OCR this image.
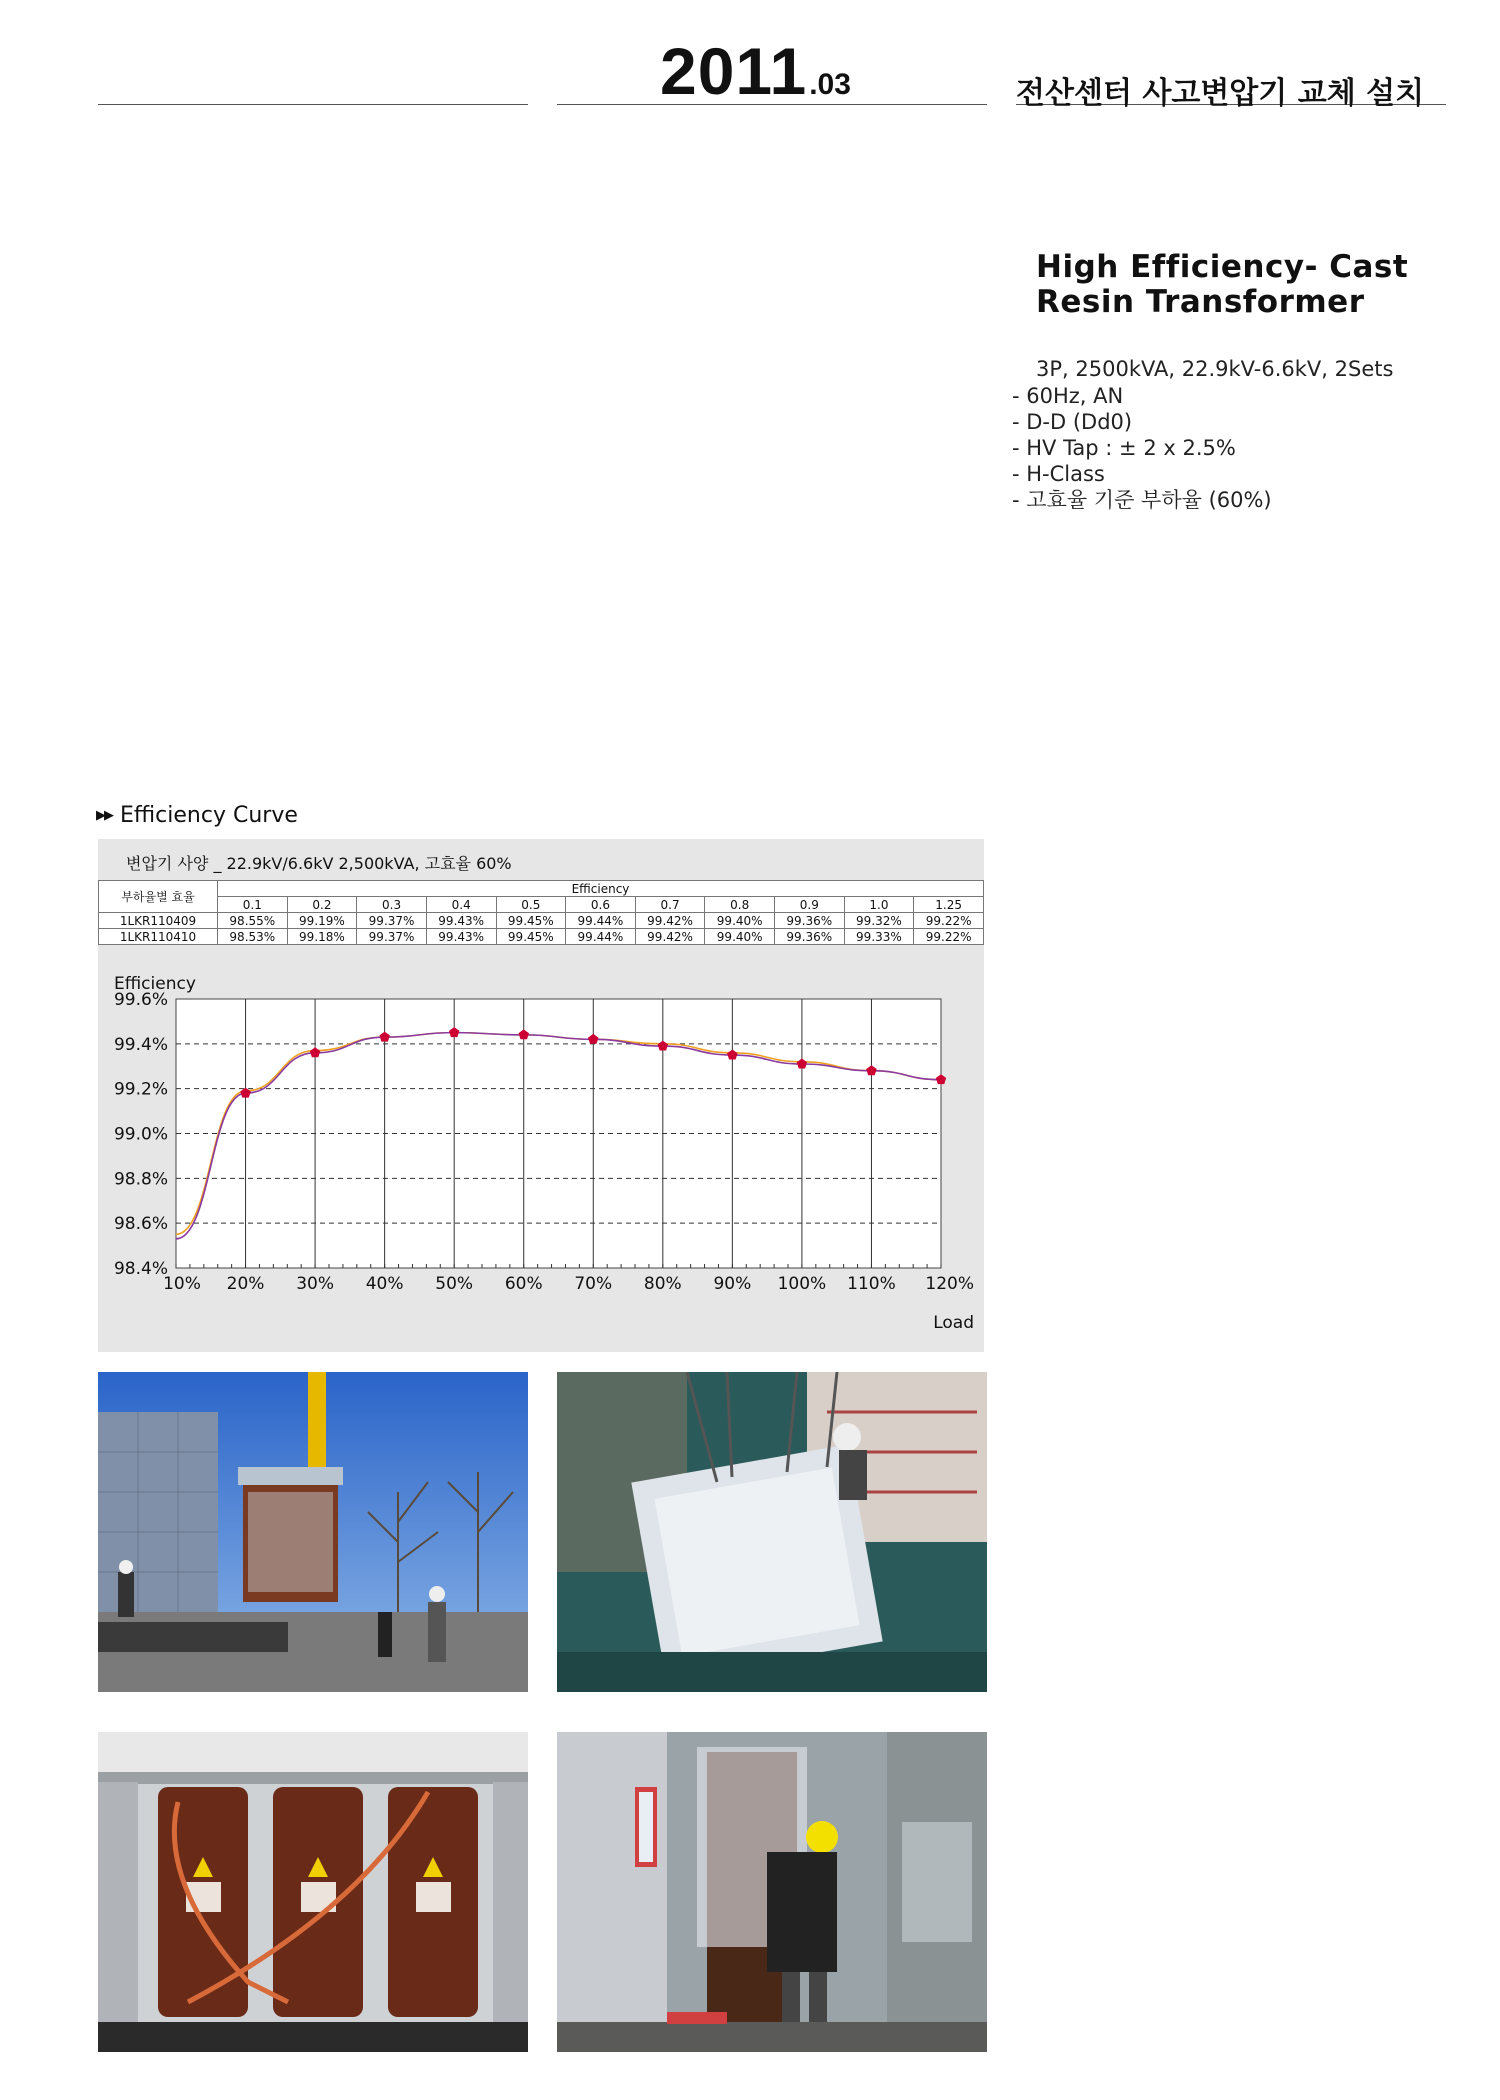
2011.03	전산센터 사고변압기 교체 설치
High Efficiency- Cast
Resin Transformer
3P, 2500kVA, 22.9kV-6.6kV, 2Sets
- 60Hz, AN
- D-D (Dd0)
- HV Tap : ± 2 x 2.5%
- H-Class
- 고효율 기준 부하율 (60%)
▶▶ Efficiency Curve
변압기 사양 _ 22.9kV/6.6kV 2,500kVA, 고효율 60%
부하율별 효율	Efficiency										
	0.1	0.2	0.3	0.4	0.5	0.6	0.7	0.8	0.9	1.0	1.25
1LKR110409	98.55%	99.19%	99.37%	99.43%	99.45%	99.44%	99.42%	99.40%	99.36%	99.32%	99.22%
1LKR110410	98.53%	99.18%	99.37%	99.43%	99.45%	99.44%	99.42%	99.40%	99.36%	99.33%	99.22%
99.6%
99.4%
99.2%
99.0%
98.8%
98.6%
98.4%
10% 20% 30% 40% 50% 60% 70% 80% 90% 100% 110% 120%
Efficiency
Load
